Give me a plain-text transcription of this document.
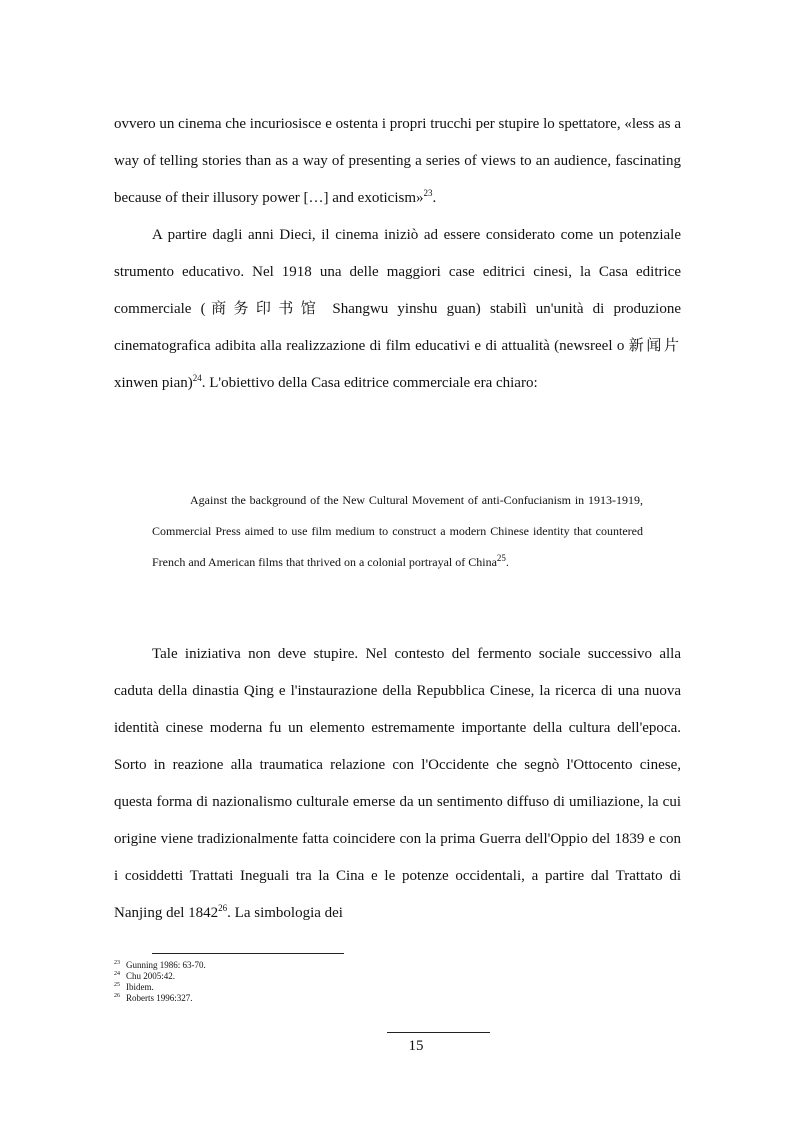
ovvero un cinema che incuriosisce e ostenta i propri trucchi per stupire lo spettatore, «less as a way of telling stories than as a way of presenting a series of views to an audience, fascinating because of their illusory power […] and exoticism»$^{23}$.

A partire dagli anni Dieci, il cinema iniziò ad essere considerato come un potenziale strumento educativo. Nel 1918 una delle maggiori case editrici cinesi, la Casa editrice commerciale (商务印书馆 Shangwu yinshu guan) stabilì un'unità di produzione cinematografica adibita alla realizzazione di film educativi e di attualità (newsreel o 新闻片 xinwen pian)$^{24}$. L'obiettivo della Casa editrice commerciale era chiaro:

Against the background of the New Cultural Movement of anti-Confucianism in 1913-1919, Commercial Press aimed to use film medium to construct a modern Chinese identity that countered French and American films that thrived on a colonial portrayal of China$^{25}$.

Tale iniziativa non deve stupire. Nel contesto del fermento sociale successivo alla caduta della dinastia Qing e l'instaurazione della Repubblica Cinese, la ricerca di una nuova identità cinese moderna fu un elemento estremamente importante della cultura dell'epoca. Sorto in reazione alla traumatica relazione con l'Occidente che segnò l'Ottocento cinese, questa forma di nazionalismo culturale emerse da un sentimento diffuso di umiliazione, la cui origine viene tradizionalmente fatta coincidere con la prima Guerra dell'Oppio del 1839 e con i cosiddetti Trattati Ineguali tra la Cina e le potenze occidentali, a partire dal Trattato di Nanjing del 1842$^{26}$. La simbologia dei

$^{23}$ Gunning 1986: 63-70.

$^{24}$ Chu 2005:42.

$^{25}$ Ibidem.

$^{26}$ Roberts 1996:327.

15
